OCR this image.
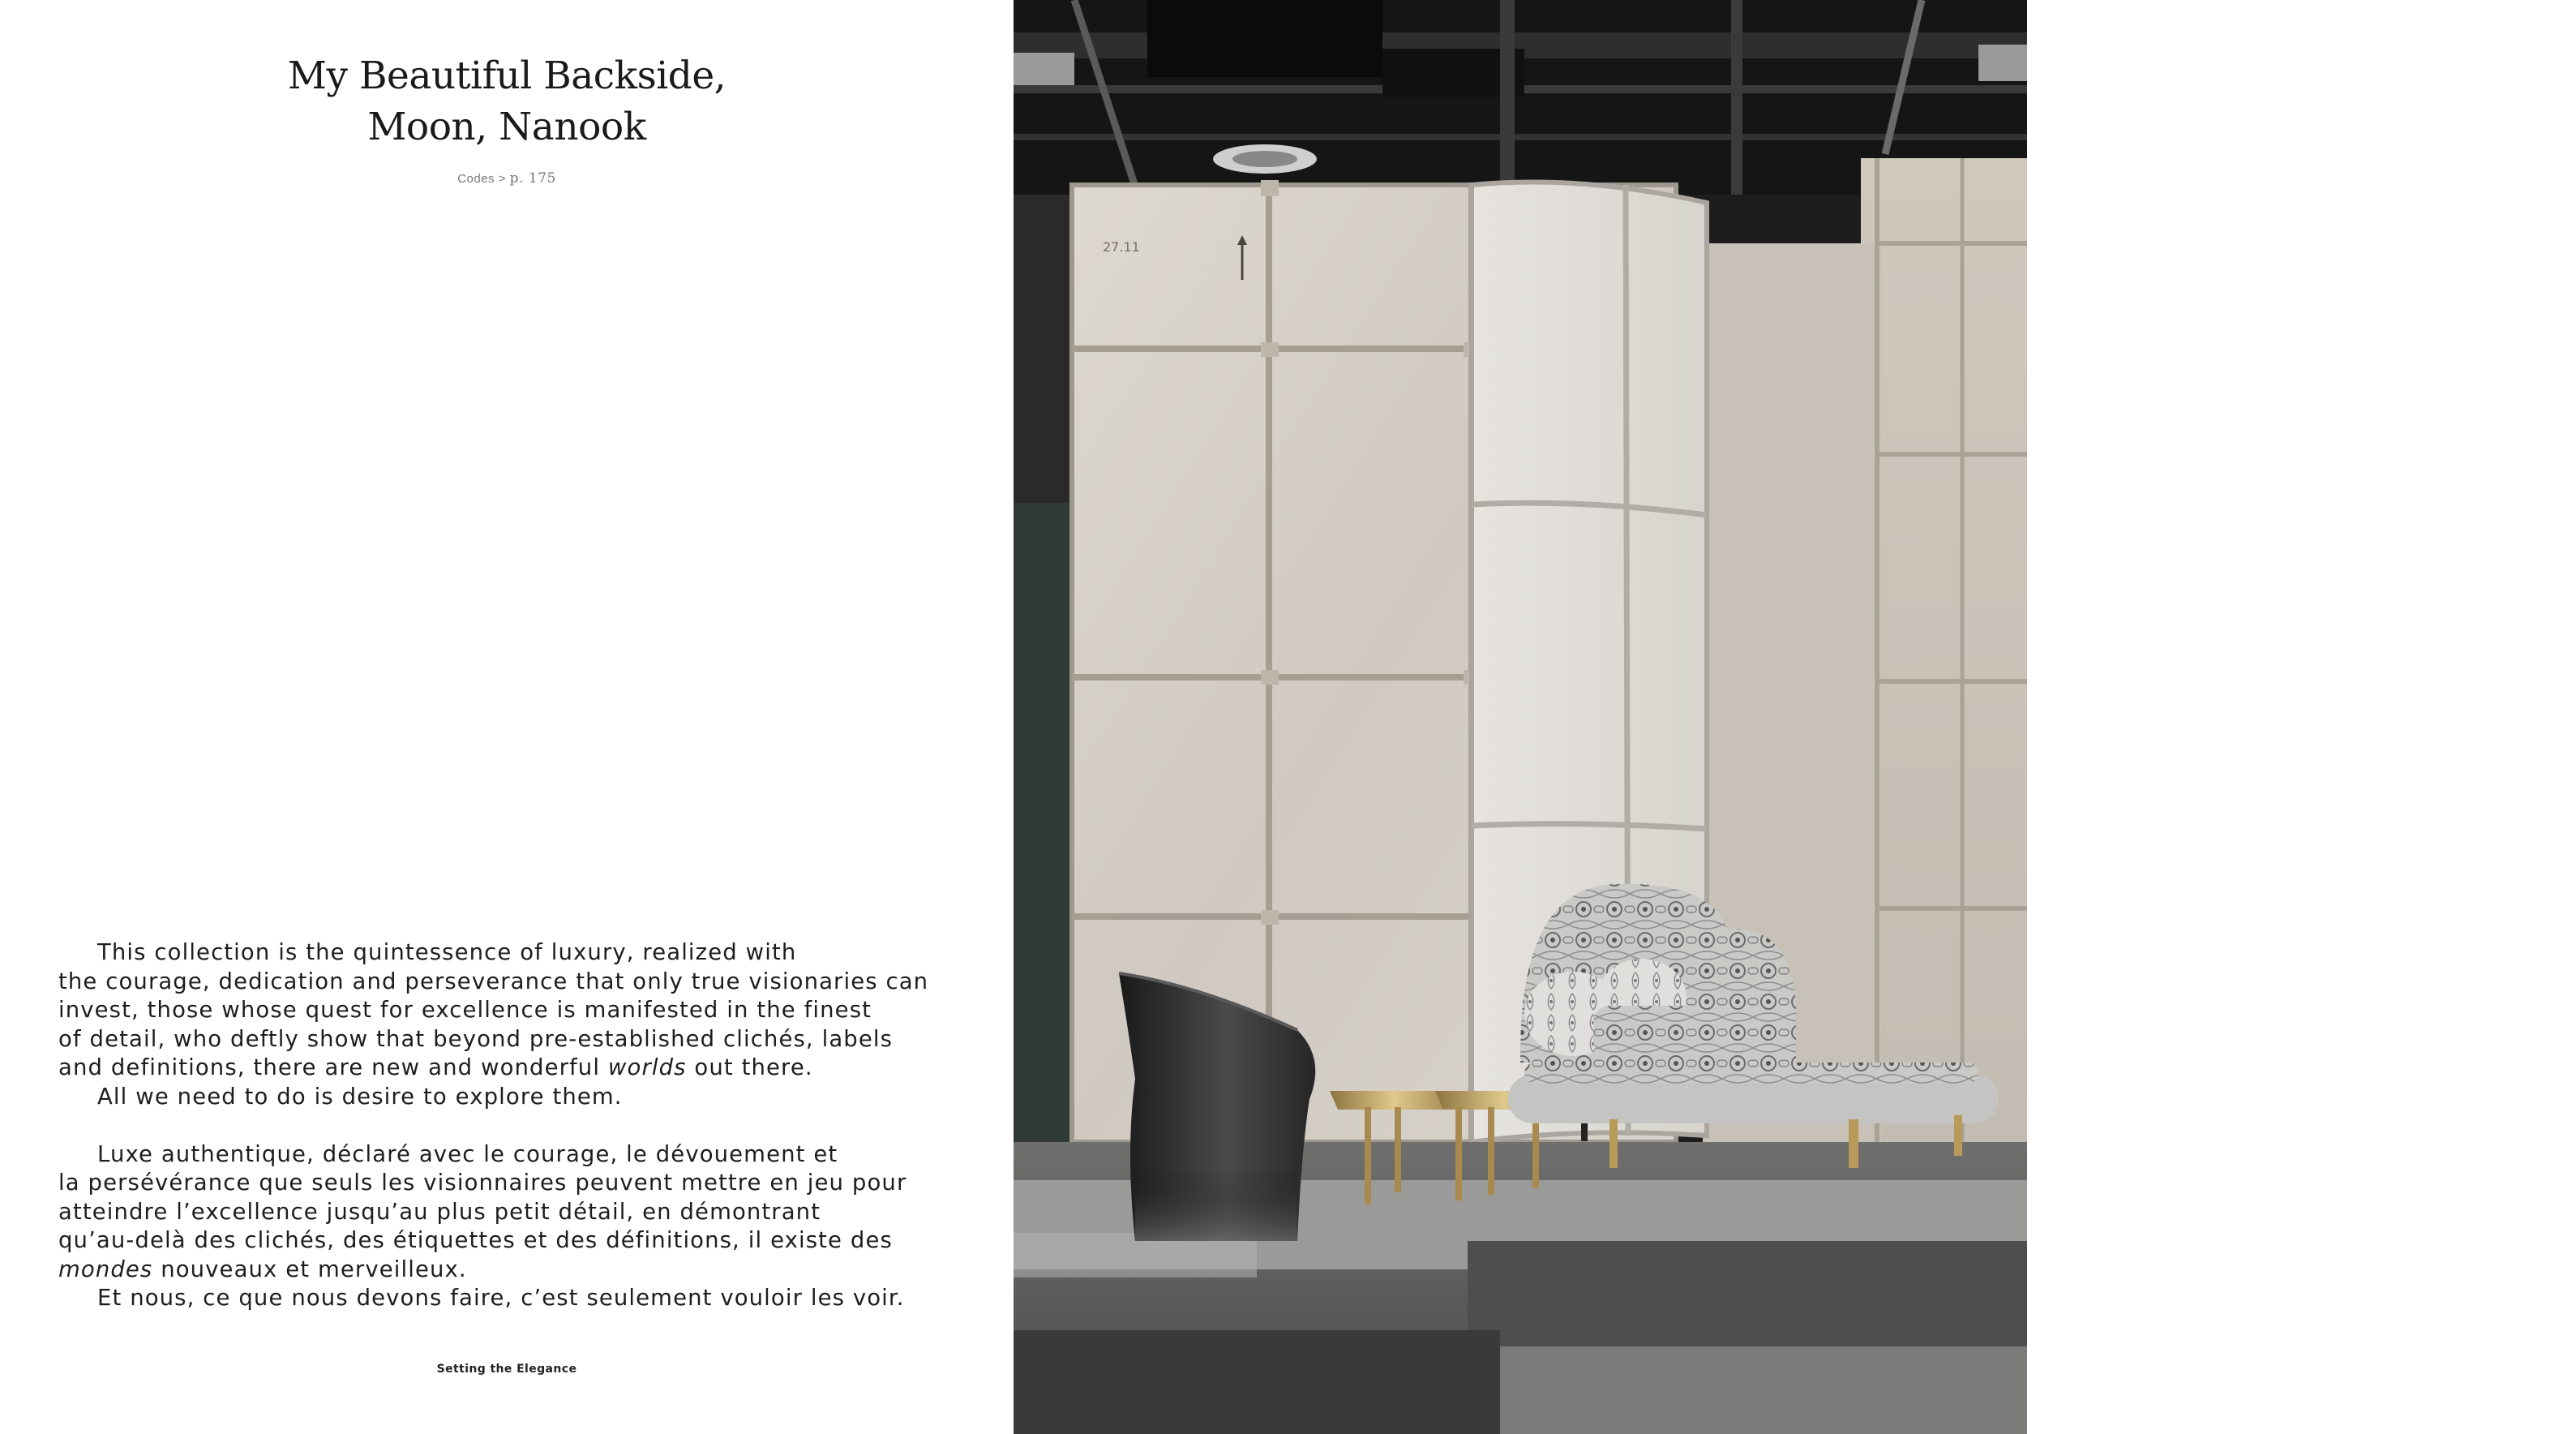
My Beautiful Backside,
Moon, Nanook
Codes > p. 175
This collection is the quintessence of luxury, realized with
the courage, dedication and perseverance that only true visionaries can
invest, those whose quest for excellence is manifested in the finest
of detail, who deftly show that beyond pre-established clichés, labels
and definitions, there are new and wonderful worlds out there.
All we need to do is desire to explore them.
Luxe authentique, déclaré avec le courage, le dévouement et
la persévérance que seuls les visionnaires peuvent mettre en jeu pour
atteindre l’excellence jusqu’au plus petit détail, en démontrant
qu’au-delà des clichés, des étiquettes et des définitions, il existe des
mondes nouveaux et merveilleux.
Et nous, ce que nous devons faire, c’est seulement vouloir les voir.
Setting the Elegance
27.11
pp. 122 / 123
